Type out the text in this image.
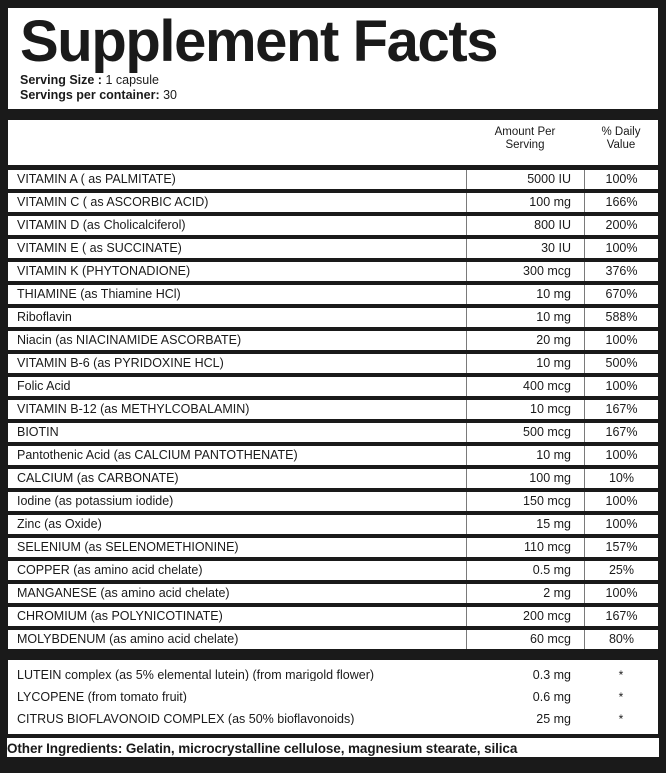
Supplement Facts
Serving Size : 1 capsule
Servings per container: 30
Amount Per
Serving
% Daily
Value
VITAMIN A ( as PALMITATE)	5000 IU	100%
VITAMIN C ( as ASCORBIC ACID)	100 mg	166%
VITAMIN D (as Cholicalciferol)	800 IU	200%
VITAMIN E ( as SUCCINATE)	30 IU	100%
VITAMIN K (PHYTONADIONE)	300 mcg	376%
THIAMINE (as Thiamine HCl)	10 mg	670%
Riboflavin	10 mg	588%
Niacin (as NIACINAMIDE ASCORBATE)	20 mg	100%
VITAMIN B-6 (as PYRIDOXINE HCL)	10 mg	500%
Folic Acid	400 mcg	100%
VITAMIN B-12 (as METHYLCOBALAMIN)	10 mcg	167%
BIOTIN	500 mcg	167%
Pantothenic Acid (as CALCIUM PANTOTHENATE)	10 mg	100%
CALCIUM (as CARBONATE)	100 mg	10%
Iodine (as potassium iodide)	150 mcg	100%
Zinc (as Oxide)	15 mg	100%
SELENIUM (as SELENOMETHIONINE)	110 mcg	157%
COPPER (as amino acid chelate)	0.5 mg	25%
MANGANESE (as amino acid chelate)	2 mg	100%
CHROMIUM (as POLYNICOTINATE)	200 mcg	167%
MOLYBDENUM (as amino acid chelate)	60 mcg	80%
LUTEIN complex (as 5% elemental lutein) (from marigold flower)	0.3 mg	*
LYCOPENE (from tomato fruit)	0.6 mg	*
CITRUS BIOFLAVONOID COMPLEX (as 50% bioflavonoids)	25 mg	*
Other Ingredients: Gelatin, microcrystalline cellulose, magnesium stearate, silica
